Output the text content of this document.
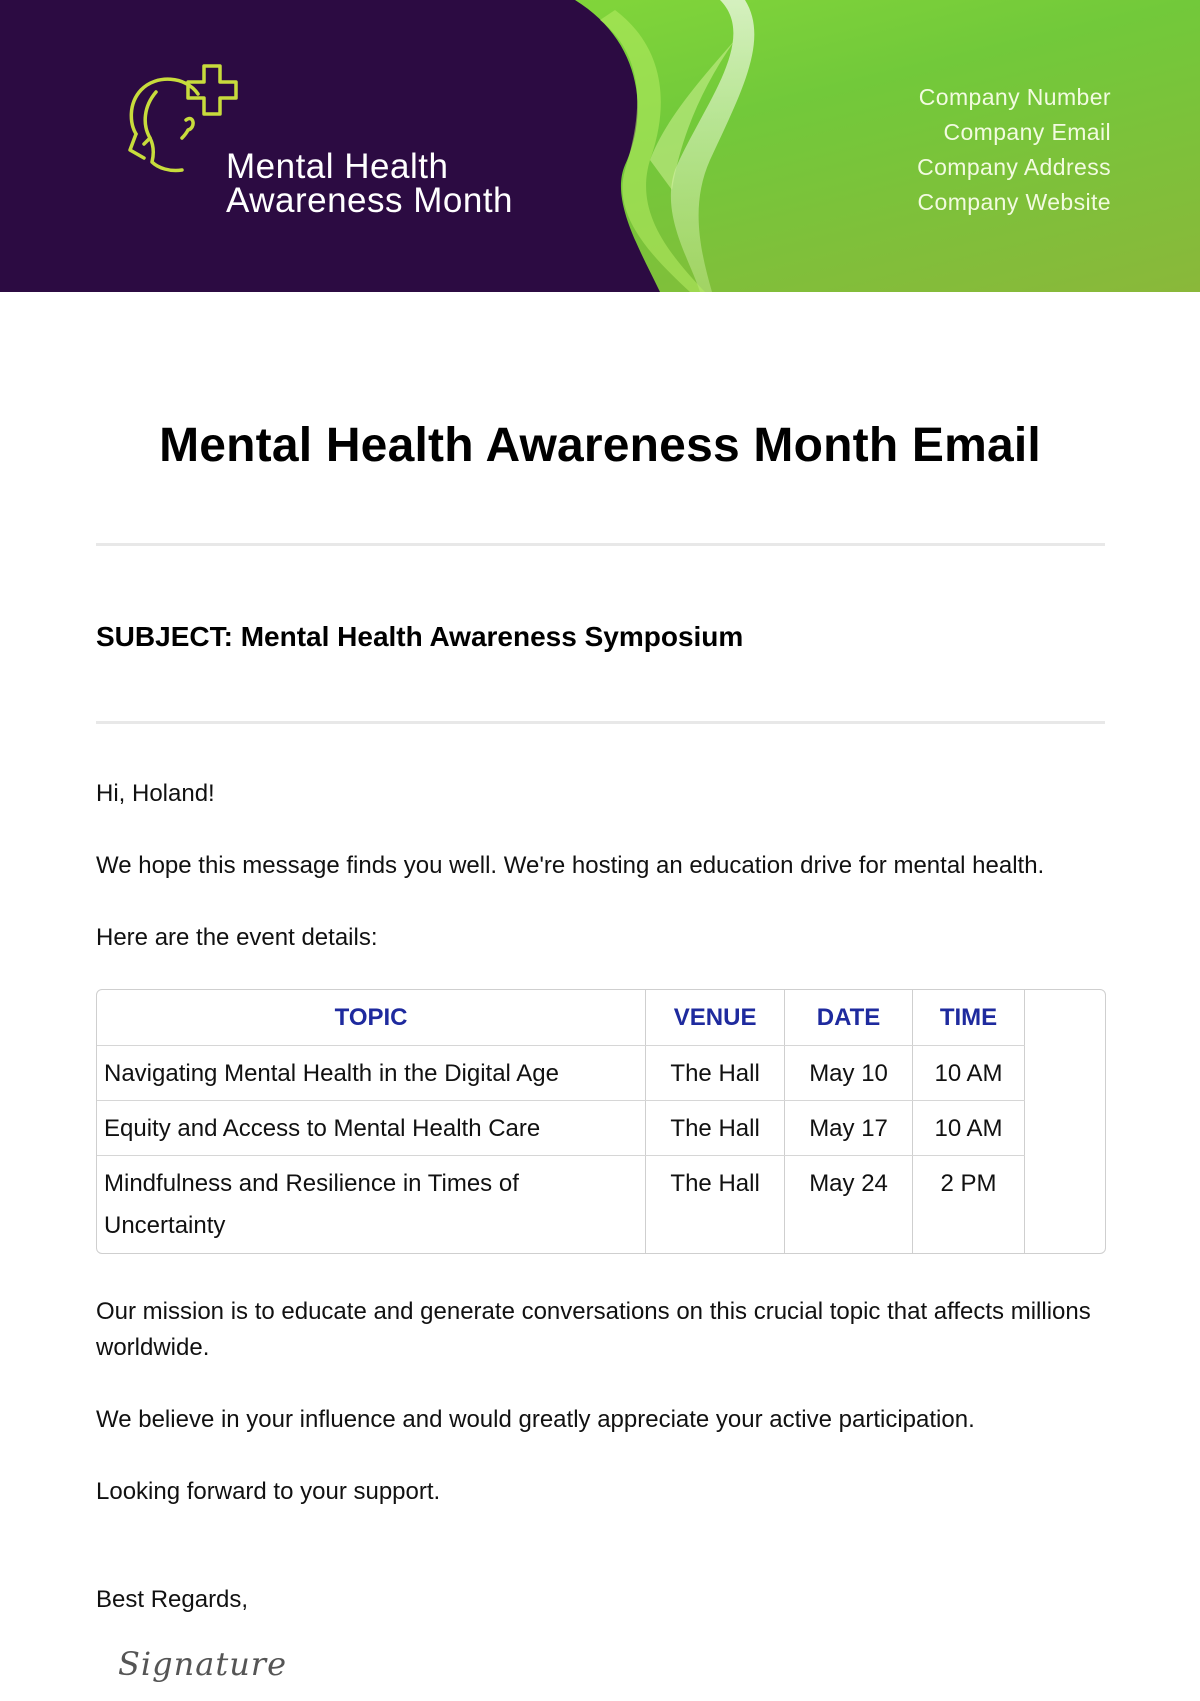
Mental Health
Awareness Month
Company Number
Company Email
Company Address
Company Website
Mental Health Awareness Month Email
SUBJECT: Mental Health Awareness Symposium
Hi, Holand!
We hope this message finds you well. We're hosting an education drive for mental health.
Here are the event details:
TOPIC	VENUE	DATE	TIME
Navigating Mental Health in the Digital Age	The Hall	May 10	10 AM
Equity and Access to Mental Health Care	The Hall	May 17	10 AM
Mindfulness and Resilience in Times of Uncertainty	The Hall	May 24	2 PM
Our mission is to educate and generate conversations on this crucial topic that affects millions worldwide.
We believe in your influence and would greatly appreciate your active participation.
Looking forward to your support.
Best Regards,
Signature
